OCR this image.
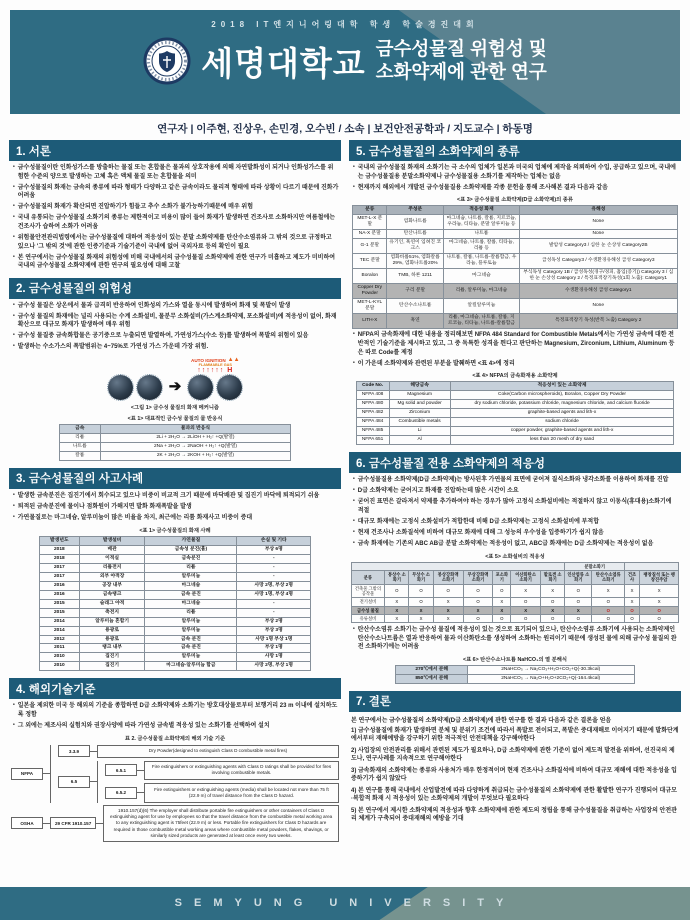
2018 IT엔지니어링대학 학생 학술경진대회
세명대학교 금수성물질 위험성 및
소화약제에 관한 연구
연구자 | 이주현, 진상우, 손민경, 오수빈 / 소속 | 보건안전공학과 / 지도교수 | 하동명
1. 서론
• 금수성물질이란 인화성가스를 방출하는 물질 또는 혼합물은 물과의 상호작용에 의해 자연발화성이 되거나 인화성가스를 위험한 수준의 양으로 발생하는 고체 혹은 액체 물질 또는 혼합물을 의미
• 금수성물질의 화재는 금속의 종류에 따라 형태가 다양하고 같은 금속이라도 물리적 형태에 따라 상황이 다르기 때문에 진화가 어려움
• 금수성물질의 화재가 확산되면 진압하기가 힘들고 추수 소화가 불가능하기때문에 매우 위험
• 국내 유통되는 금수성물질 소화기의 종류는 제한적이고 비용이 많이 들어 화재가 발생하면 건조사로 소화하지만 여름철에는 건조사가 습하여 소화가 어려움
• 위험물안전관리법령에서는 금수성물질에 대하여 적응성이 있는 분말 소화약제를 탄산수소염류와 그 밖의 것으로 규정하고 있으나 '그 밖의 것'에 관한 인증기준과 기술기준이 국내에 없어 국외자료 등의 확인이 필요
• 본 연구에서는 금수성물질 화재의 위험성에 비해 국내에서의 금수성물질 소화약제에 관한 연구가 미흡하고 제도가 미비하여 국내의 금수성물질 소화약제에 관한 연구의 필요성에 대해 고찰
2. 금수성물질의 위험성
• 금수성 물질은 상온에서 물과 급격히 반응하여 인화성의 가스와 열을 동시에 발생하여 화재 및 폭발이 발생
• 금수성 물질의 화재에는 널리 사용되는 수계 소화설비, 물분무 소화설비(가스계소화약제, 포소화설비)에 적응성이 없어, 화재확산으로 대규모 화재가 발생하여 매우 위험
• 금수성 물질중 금속화합물은 공기중으로 누출되면 발열하여, 가연성가스(수소 등)를 발생하여 폭발의 위험이 있음
• 발생하는 수소가스의 폭발범위는 4~75%로 가연성 가스 가운데 가장 위험.
➔
AUTO IGNITION ▲▲
FLAMMABLE GAS
↑↑↑↑↑↑ H
<그림 1> 금수성 물질의 화재 메커니즘
<표 1> 대표적인 금수성 물질의 물 반응식
금속	물과의 반응식
리튬	2Li + 2H₂O → 2LiOH + H₂↑ +Q(발열)
나트륨	2Na + 2H₂O → 2NaOH + H₂↑ +Q(발열)
칼륨	2K + 2H₂O → 2KOH + H₂↑ +Q(발열)
3. 금수성물질의 사고사례
• 발생한 금속분진은 집진기에서 회수되고 있으나 비중이 비교적 크기 때문에 바닥배관 및 집진기 바닥에 퇴적되기 쉬움
• 퇴적된 금속분진에 물이나 점화원이 가해지면 발화 화재폭발을 발생
• 가연물질로는 마그네슘, 알루미늄이 많은 비율을 차지, 최근에는 리튬 화재사고 비중이 증대
<표 1> 금수성물질의 화재 사례
발생년도	발생설비	가연물질	손실 및 기타
2018	배관	금속성 분진(흄)	부상 6명
2018	이적실	금속분진	-
2017	리튬전지	리튬	-
2017	외부 야적장	알루미늄	-
2016	공장 내부	마그네슘	사망 2명, 부상 2명
2016	금속탱크	금속 분진	사망 1명, 부상 4명
2015	슬래그 야적	마그네슘	-
2015	축전지	리튬	-
2014	알루미늄 혼합기	알루미늄	부상 2명
2014	용광로	알루미늄	부상 3명
2012	용광로	금속 분진	사망 1명 부상 1명
2011	탱크 내부	금속 분진	부상 1명
2010	집진기	알루미늄	사망 1명
2010	집진기	마그네슘-알루미늄 합금	사망 2명, 부상 1명
4. 해외기술기준
• 일본을 제외한 미국 등 해외의 기준을 종합하면 D급 소화약제와 소화기는 방호대상물로부터 보행거리 23 m 이내에 설치하도록 정함
• 그 외에는 제조사의 실험치와 권장사양에 따라 가연성 금속별 적응성 있는 소화기를 선택하여 설치
표 2. 금수성물질 소화약제의 해외 기술 기준
NFPA
3.3.9	Dry Powder(designed to extinguish Class D combustible metal fires)
6.5
6.5.1
Fire extinguishers or extinguishing agents with Class D ratings shall be provided for fires involving combustible metals.
6.5.2
Fire extinguishers or extinguishing agents (media) shall be located not more than 75 ft (22.9 m) of travel distance from the Class D hazard.
OSHA	29 CFR 1910.157
1910.157(d)(6) The employer shall distribute portable fire extinguishers or other containers of Class D extinguishing agent for use by employees so that the travel distance from the combustible metal working area to any extinguishing agent is 75feet (22.9 m) or less. Portable fire extinguishers for Class D hazards are required in those combustible metal working areas where combustible metal powders, flakes, shavings, or similarly sized products are generated at least once every two weeks.
5. 금수성물질의 소화약제의 종류
• 국내의 금수성물질 화재의 소화기는 극 소수의 업체가 일본과 미국의 업체에 제작을 의뢰하여 수입, 공급하고 있으며, 국내에는 금수성물질용 분말소화약제나 금수성물질용 소화기를 제작하는 업체는 없음
• 현재까지 해외에서 개발된 금수성물질용 소화약제를 각종 문헌을 통해 조사해본 결과 다음과 같음
<표 3> 금수성물질 소화약제(D급 소화약제)의 종류
분류	주성분	적응성 화재	유해성
MET-L-X 분말	염화나트륨	마그네슘, 나트륨, 칼륨, 지르코늄, 우라늄, 티타늄, 분말 알루미늄 등	None
NA-X 분말	탄산나트륨	나트륨	None
G-1 분말	유기인, 흑연이 입혀진 코크스	마그네슘, 나트륨, 칼륨, 티타늄, 리튬 등	발암성 Category3 / 심한 눈 손상성 Category2B
TEC 분말	염화바륨51%, 염화칼륨29%, 염화나트륨20%	나트륨, 칼륨, 나트륨-칼륨합금, 우라늄, 플루토늄	급성독성 Category3 / 수생환경유해성 급성 Category3
Boralon	TMB, 하론 1211	마그네슘	부식독성 Category 1B / 급성독성(경구/경피, 흡입(증기)) Category 3 / 심한 눈 손상성 Category 2 / 특정표적장기독성(1회 노출): Category1
Copper Dry Powder	구리 분말	리튬, 알루미늄, 마그네슘	수생환경유해성 급성 Category1
MET-L-KYL 분말	탄산수소나트륨	알킬알루미늄	None
LITH-X	흑연	리튬, 마그네슘, 나트륨, 칼륨, 지르코늄, 티타늄, 나트륨-칼륨합금	특정표적장기 독성(반복 노출) Category 2
• NFPA의 금속화재에 대한 내용을 정리해보면 NFPA 484 Standard for Combustible Metals에서는 가연성 금속에 대한 전반적인 기술기준을 제시하고 있고, 그 중 독특한 성격을 띈다고 판단하는 Magnesium, Zirconium, Lithium, Aluminum 등은 따로 Code를 제정
• 이 가운데 소화약제와 관련된 부분을 발췌하면 <표 4>에 정리
<표 4> NFPA의 금속화재용 소화약제
Code No.	해당금속	적응성이 있는 소화약제
NFPA 408	Magnesium	Coke(Carbon microspheroids), Boralon, Copper Dry Powder
NFPA 480	Mg solid and powder	dry sodium chloride, potassium chloride, magnesium chloride, and calcium fluoride
NFPA 482	Zirconium	graphite-based agents and lith-x
NFPA 484	Combustible metals	sodium chloride
NFPA 485	Li	copper powder, graphite-based agents and lith-x
NFPA 651	Al	less than 20 mesh of dry sand
6. 금수성물질 전용 소화약제의 적응성
• 금수성물질용 소화약제(D급 소화약제)는 방사된후 가연물의 표면에 굳어져 질식소화와 냉각소화를 이용하여 화재를 진압
• D급 소화약제는 굳어지고 화재를 진압하는데 많은 시간이 소요
• 굳어진 표면은 갈라져서 약제를 추가하여야 하는 경우가 많아 고정식 소화설비에는 적절하지 않고 이동식(휴대용)소화기에 적절
• 대규모 화재에는 고정식 소화설비가 적합한데 비해 D급 소화약제는 고정식 소화설비에 부적합
• 현재 건조사나 소화질석에 비하여 대규모 화재에 대해 그 성능의 우수성을 입증하기가 쉽지 않음
• 금속 화재에는 기존의 ABC AB급 분말 소화약제는 적응성이 없고, ABC급 화재에는 D급 소화약제는 적응성이 없음
<표 5> 소화설비의 적응성
								분말소화기			
분류	봉상수 소화기	무상수 소화기	봉상강화액 소화기	무상강화액 소화기	포소화기	이산화탄소 소화기	할로겐 소화기	인산염류 소화기	탄산수소염류 소화기	건조사	팽창질석 또는 팽창진주암
건축물 그밖의 공작물	O	O	O	O	O	X	X	O	X	X	X
전기설비	X	O	X	O	X	O	O	O	O	X	X
금수성 물질	X	X	X	X	X	X	X	X	O	O	O
유류설비	X	X	X	O	O	O	O	O	O	O	O
• 탄산수소염류 소화기는 금수성 물질에 적응성이 있는 것으로 표기되어 있으나, 탄산수소염류 소화기에 사용되는 소화약제인 탄산수소나트륨은 열과 반응하여 물과 이산화탄소를 생성하여 소화하는 원리이기 때문에 생성된 물에 의해 금수성 물질의 완전 소화하기에는 어려움
<표 6> 탄산수소나트륨 NaHCO₃의 열 분해식
270℃에서 분해	2NaHCO₃ → Na₂CO₃+H₂O+CO₂+Q(-30.3kcal)
850℃에서 분해	2NaHCO₃ → Na₂O+H₂O+2CO₂+Q(-164.4kcal)
7. 결론
본 연구에서는 금수성물질의 소화약제(D급 소화약제)에 관한 연구를 한 결과 다음과 같은 결론을 얻음
1) 금수성물질에 화재가 발생하면 분체 및 분위기 조건에 따라서 폭발로 전이되고, 폭발은 중대재해로 이어지기 때문에 발화단계에서부터 재해예방을 강구하기 위한 적극적인 안전대책을 강구해야한다
2) 사업장의 안전관리를 위해서 관련된 제도가 필요하나, D급 소화약제에 관한 기준이 없어 제도적 발전을 위하여, 선진국의 제도나, 연구사례를 지속적으로 연구해야한다
3) 금속화재의 소화약제는 종류와 사용처가 매우 한정적이며 현재 건조사나 소화질석에 비하여 대규모 재해에 대한 적응성을 입증하기가 쉽지 않았다
4) 본 연구를 통해 국내에서 산업발전에 따라 다양하게 취급되는 금수성물질의 소화약제에 관한 활발한 연구가 진행되어 대규모 ·복합적 화재 시 적응성이 있는 소화약제의 개발이 무엇보다 필요하다
5) 본 연구에서 제시한 소화약제의 적응성과 향후 소화약제에 관한 제도의 정립을 통해 금수성물질을 취급하는 사업장의 안전관리 체계가 구축되어 중대재해의 예방을 기대
SEMYUNG UNIVERSITY
